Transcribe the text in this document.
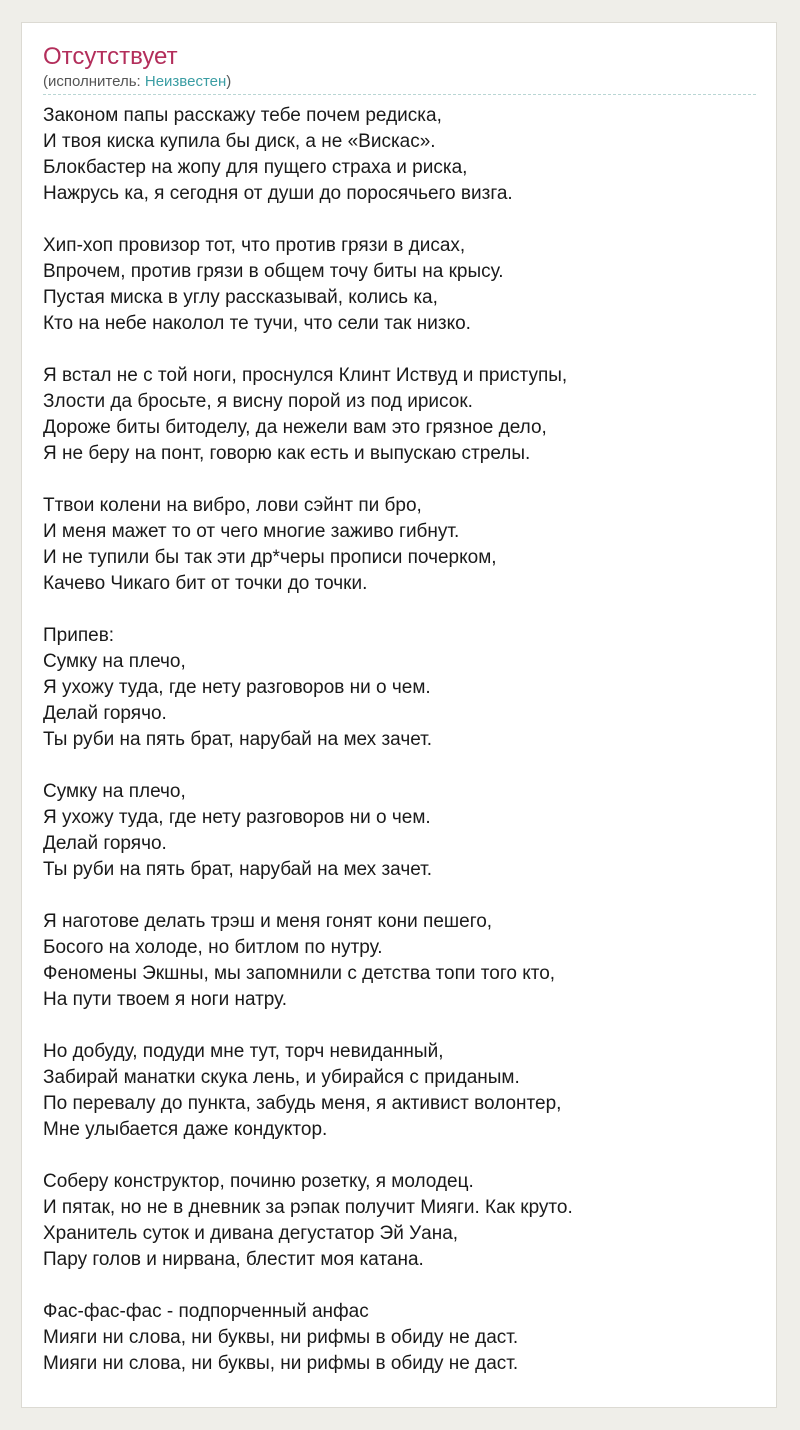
Отсутствует
(исполнитель: Неизвестен)
Законом папы расскажу тебе почем редиска,
И твоя киска купила бы диск, а не «Вискас».
Блокбастер на жопу для пущего страха и риска,
Нажрусь ка, я сегодня от души до поросячьего визга.
Хип-хоп провизор тот, что против грязи в дисах,
Впрочем, против грязи в общем точу биты на крысу.
Пустая миска в углу рассказывай, колись ка,
Кто на небе наколол те тучи, что сели так низко.
Я встал не с той ноги, проснулся Клинт Иствуд и приступы,
Злости да бросьте, я висну порой из под ирисок.
Дороже биты битоделу, да нежели вам это грязное дело,
Я не беру на понт, говорю как есть и выпускаю стрелы.
Ттвои колени на вибро, лови сэйнт пи бро,
И меня мажет то от чего многие заживо гибнут.
И не тупили бы так эти др*черы прописи почерком,
Качево Чикаго бит от точки до точки.
Припев:
Сумку на плечо,
Я ухожу туда, где нету разговоров ни о чем.
Делай горячо.
Ты руби на пять брат, нарубай на мех зачет.
Сумку на плечо,
Я ухожу туда, где нету разговоров ни о чем.
Делай горячо.
Ты руби на пять брат, нарубай на мех зачет.
Я наготове делать трэш и меня гонят кони пешего,
Босого на холоде, но битлом по нутру.
Феномены Экшны, мы запомнили с детства топи того кто,
На пути твоем я ноги натру.
Но добуду, подуди мне тут, торч невиданный,
Забирай манатки скука лень, и убирайся с приданым.
По перевалу до пункта, забудь меня, я активист волонтер,
Мне улыбается даже кондуктор.
Соберу конструктор, починю розетку, я молодец.
И пятак, но не в дневник за рэпак получит Мияги. Как круто.
Хранитель суток и дивана дегустатор Эй Уана,
Пару голов и нирвана, блестит моя катана.
Фас-фас-фас - подпорченный анфас
Мияги ни слова, ни буквы, ни рифмы в обиду не даст.
Мияги ни слова, ни буквы, ни рифмы в обиду не даст.
